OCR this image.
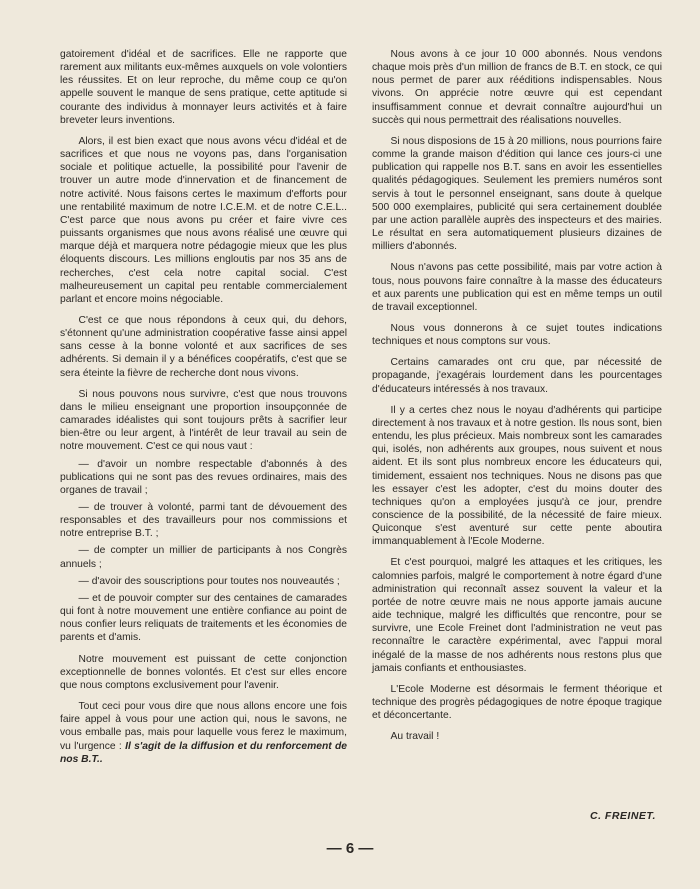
gatoirement d'idéal et de sacrifices. Elle ne rapporte que rarement aux militants eux-mêmes auxquels on vole volontiers les réussites. Et on leur reproche, du même coup ce qu'on appelle souvent le manque de sens pratique, cette aptitude si courante des individus à monnayer leurs activités et à faire breveter leurs inventions.

Alors, il est bien exact que nous avons vécu d'idéal et de sacrifices et que nous ne voyons pas, dans l'organisation sociale et politique actuelle, la possibilité pour l'avenir de trouver un autre mode d'innervation et de financement de notre activité. Nous faisons certes le maximum d'efforts pour une rentabilité maximum de notre I.C.E.M. et de notre C.E.L.. C'est parce que nous avons pu créer et faire vivre ces puissants organismes que nous avons réalisé une œuvre qui marque déjà et marquera notre pédagogie mieux que les plus éloquents discours. Les millions engloutis par nos 35 ans de recherches, c'est cela notre capital social. C'est malheureusement un capital peu rentable commercialement parlant et encore moins négociable.

C'est ce que nous répondons à ceux qui, du dehors, s'étonnent qu'une administration coopérative fasse ainsi appel sans cesse à la bonne volonté et aux sacrifices de ses adhérents. Si demain il y a bénéfices coopératifs, c'est que se sera éteinte la fièvre de recherche dont nous vivons.

Si nous pouvons nous survivre, c'est que nous trouvons dans le milieu enseignant une proportion insoupçonnée de camarades idéalistes qui sont toujours prêts à sacrifier leur bien-être ou leur argent, à l'intérêt de leur travail au sein de notre mouvement. C'est ce qui nous vaut :

— d'avoir un nombre respectable d'abonnés à des publications qui ne sont pas des revues ordinaires, mais des organes de travail ;

— de trouver à volonté, parmi tant de dévouement des responsables et des travailleurs pour nos commissions et notre entreprise B.T. ;

— de compter un millier de participants à nos Congrès annuels ;

— d'avoir des souscriptions pour toutes nos nouveautés ;

— et de pouvoir compter sur des centaines de camarades qui font à notre mouvement une entière confiance au point de nous confier leurs reliquats de traitements et les économies de parents et d'amis.

Notre mouvement est puissant de cette conjonction exceptionnelle de bonnes volontés. Et c'est sur elles encore que nous comptons exclusivement pour l'avenir.

Tout ceci pour vous dire que nous allons encore une fois faire appel à vous pour une action qui, nous le savons, ne vous emballe pas, mais pour laquelle vous ferez le maximum, vu l'urgence : Il s'agit de la diffusion et du renforcement de nos B.T..

Nous avons à ce jour 10 000 abonnés. Nous vendons chaque mois près d'un million de francs de B.T. en stock, ce qui nous permet de parer aux rééditions indispensables. Nous vivons. On apprécie notre œuvre qui est cependant insuffisamment connue et devrait connaître aujourd'hui un succès qui nous permettrait des réalisations nouvelles.

Si nous disposions de 15 à 20 millions, nous pourrions faire comme la grande maison d'édition qui lance ces jours-ci une publication qui rappelle nos B.T. sans en avoir les essentielles qualités pédagogiques. Seulement les premiers numéros sont servis à tout le personnel enseignant, sans doute à quelque 500 000 exemplaires, publicité qui sera certainement doublée par une action parallèle auprès des inspecteurs et des mairies. Le résultat en sera automatiquement plusieurs dizaines de milliers d'abonnés.

Nous n'avons pas cette possibilité, mais par votre action à tous, nous pouvons faire connaître à la masse des éducateurs et aux parents une publication qui est en même temps un outil de travail exceptionnel.

Nous vous donnerons à ce sujet toutes indications techniques et nous comptons sur vous.

Certains camarades ont cru que, par nécessité de propagande, j'exagérais lourdement dans les pourcentages d'éducateurs intéressés à nos travaux.

Il y a certes chez nous le noyau d'adhérents qui participe directement à nos travaux et à notre gestion. Ils nous sont, bien entendu, les plus précieux. Mais nombreux sont les camarades qui, isolés, non adhérents aux groupes, nous suivent et nous aident. Et ils sont plus nombreux encore les éducateurs qui, timidement, essaient nos techniques. Nous ne disons pas que les essayer c'est les adopter, c'est du moins douter des techniques qu'on a employées jusqu'à ce jour, prendre conscience de la possibilité, de la nécessité de faire mieux. Quiconque s'est aventuré sur cette pente aboutira immanquablement à l'Ecole Moderne.

Et c'est pourquoi, malgré les attaques et les critiques, les calomnies parfois, malgré le comportement à notre égard d'une administration qui reconnaît assez souvent la valeur et la portée de notre œuvre mais ne nous apporte jamais aucune aide technique, malgré les difficultés que rencontre, pour se survivre, une Ecole Freinet dont l'administration ne veut pas reconnaître le caractère expérimental, avec l'appui moral inégalé de la masse de nos adhérents nous restons plus que jamais confiants et enthousiastes.

L'Ecole Moderne est désormais le ferment théorique et technique des progrès pédagogiques de notre époque tragique et déconcertante.

Au travail !

C. FREINET.
— 6 —
